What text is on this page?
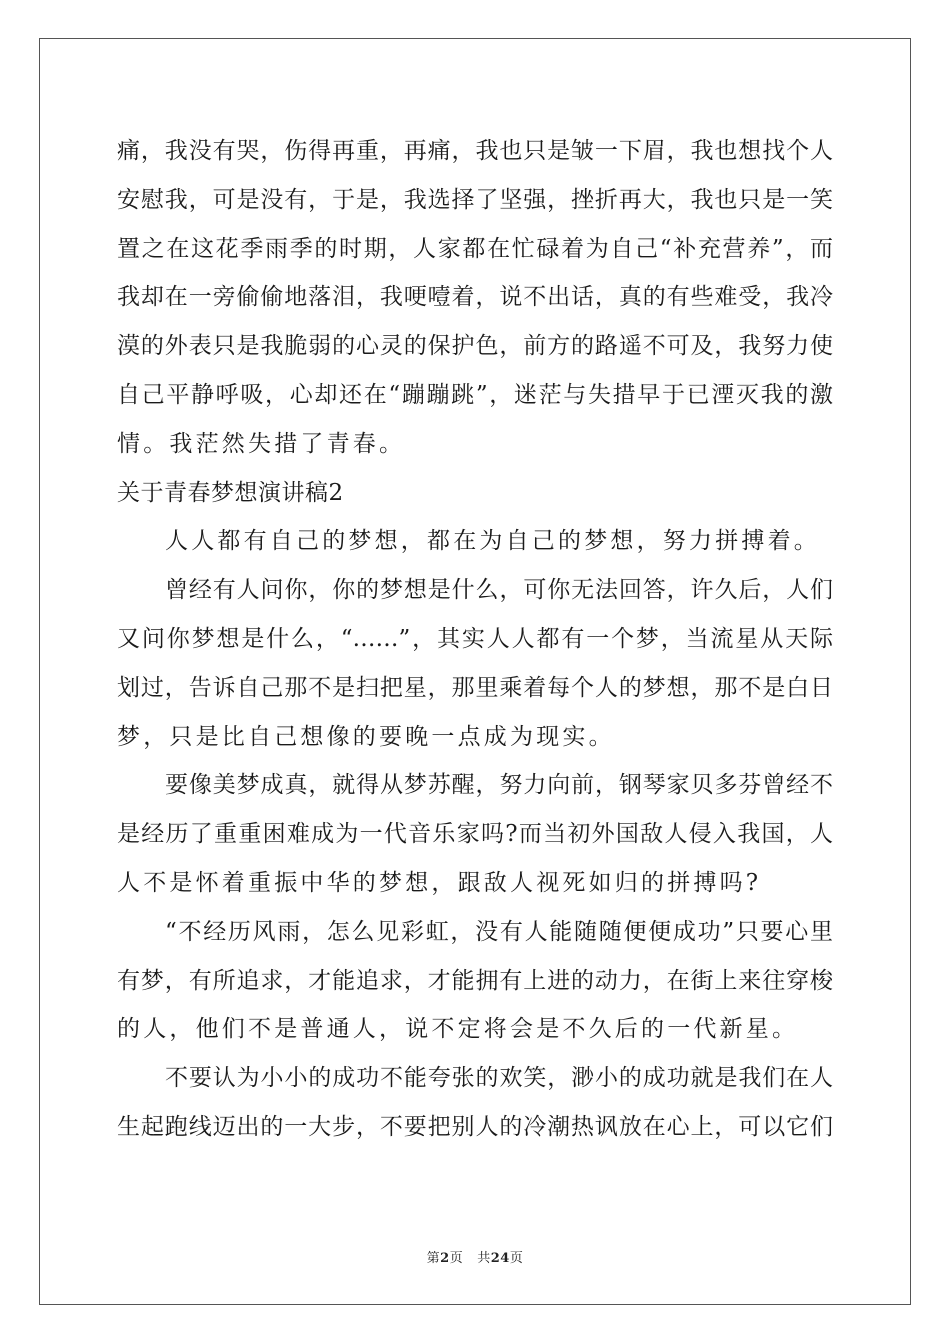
痛，我没有哭，伤得再重，再痛，我也只是皱一下眉，我也想找个人
安慰我，可是没有，于是，我选择了坚强，挫折再大，我也只是一笑
置之在这花季雨季的时期，人家都在忙碌着为自己“补充营养”，而
我却在一旁偷偷地落泪，我哽噎着，说不出话，真的有些难受，我冷
漠的外表只是我脆弱的心灵的保护色，前方的路遥不可及，我努力使
自己平静呼吸，心却还在“蹦蹦跳”，迷茫与失措早于已湮灭我的激
情。我茫然失措了青春。
关于青春梦想演讲稿2
人人都有自己的梦想，都在为自己的梦想，努力拼搏着。
曾经有人问你，你的梦想是什么，可你无法回答，许久后，人们
又问你梦想是什么，“……”，其实人人都有一个梦，当流星从天际
划过，告诉自己那不是扫把星，那里乘着每个人的梦想，那不是白日
梦，只是比自己想像的要晚一点成为现实。
要像美梦成真，就得从梦苏醒，努力向前，钢琴家贝多芬曾经不
是经历了重重困难成为一代音乐家吗?而当初外国敌人侵入我国，人
人不是怀着重振中华的梦想，跟敌人视死如归的拼搏吗?
“不经历风雨，怎么见彩虹，没有人能随随便便成功”只要心里
有梦，有所追求，才能追求，才能拥有上进的动力，在街上来往穿梭
的人，他们不是普通人，说不定将会是不久后的一代新星。
不要认为小小的成功不能夸张的欢笑，渺小的成功就是我们在人
生起跑线迈出的一大步，不要把别人的冷潮热讽放在心上，可以它们
第2页 共24页
